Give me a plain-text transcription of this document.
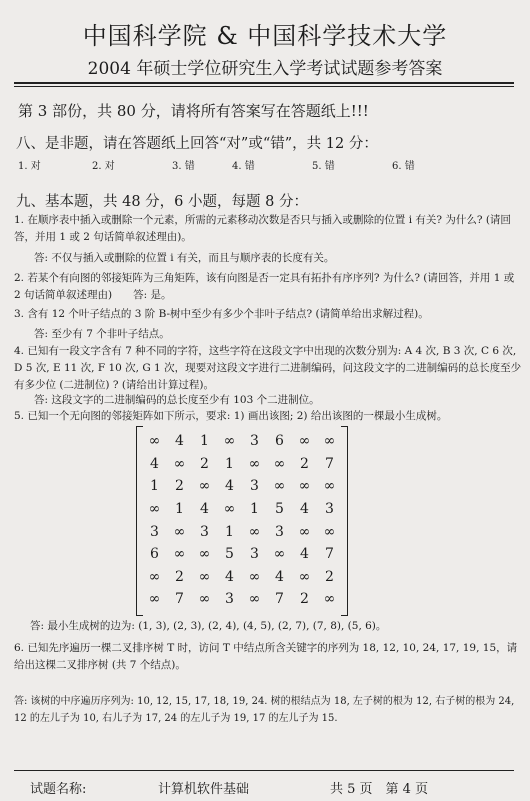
中国科学院 & 中国科学技术大学
2004 年硕士学位研究生入学考试试题参考答案
第 3 部份，共 80 分，请将所有答案写在答题纸上!!!
八、是非题，请在答题纸上回答“对”或“错”，共 12 分：
1. 对	2. 对	3. 错	4. 错	5. 错	6. 错
九、基本题，共 48 分，6 小题，每题 8 分：
1. 在顺序表中插入或删除一个元素，所需的元素移动次数是否只与插入或删除的位置 i 有关? 为什么? (请回答，并用 1 或 2 句话简单叙述理由)。
答: 不仅与插入或删除的位置 i 有关，而且与顺序表的长度有关。
2. 若某个有向图的邻接矩阵为三角矩阵，该有向图是否一定具有拓扑有序序列? 为什么? (请回答，并用 1 或 2 句话简单叙述理由)　　答: 是。
3. 含有 12 个叶子结点的 3 阶 B-树中至少有多少个非叶子结点? (请简单给出求解过程)。
答: 至少有 7 个非叶子结点。
4. 已知有一段文字含有 7 种不同的字符，这些字符在这段文字中出现的次数分别为: A 4 次, B 3 次, C 6 次, D 5 次, E 11 次, F 10 次, G 1 次，现要对这段文字进行二进制编码，问这段文字的二进制编码的总长度至少有多少位 (二进制位) ? (请给出计算过程)。
答: 这段文字的二进制编码的总长度至少有 103 个二进制位。
5. 已知一个无向图的邻接矩阵如下所示，要求: 1) 画出该图; 2) 给出该图的一棵最小生成树。
∞	4	1	∞	3	6	∞	∞
4	∞	2	1	∞	∞	2	7
1	2	∞	4	3	∞	∞	∞
∞	1	4	∞	1	5	4	3
3	∞	3	1	∞	3	∞	∞
6	∞	∞	5	3	∞	4	7
∞	2	∞	4	∞	4	∞	2
∞	7	∞	3	∞	7	2	∞
答: 最小生成树的边为: (1, 3), (2, 3), (2, 4), (4, 5), (2, 7), (7, 8), (5, 6)。
6. 已知先序遍历一棵二叉排序树 T 时，访问 T 中结点所含关键字的序列为 18, 12, 10, 24, 17, 19, 15，请给出这棵二叉排序树 (共 7 个结点)。
答: 该树的中序遍历序列为: 10, 12, 15, 17, 18, 19, 24. 树的根结点为 18, 左子树的根为 12, 右子树的根为 24, 12 的左儿子为 10, 右儿子为 17, 24 的左儿子为 19, 17 的左儿子为 15.
试题名称:	计算机软件基础	共 5 页　第 4 页
